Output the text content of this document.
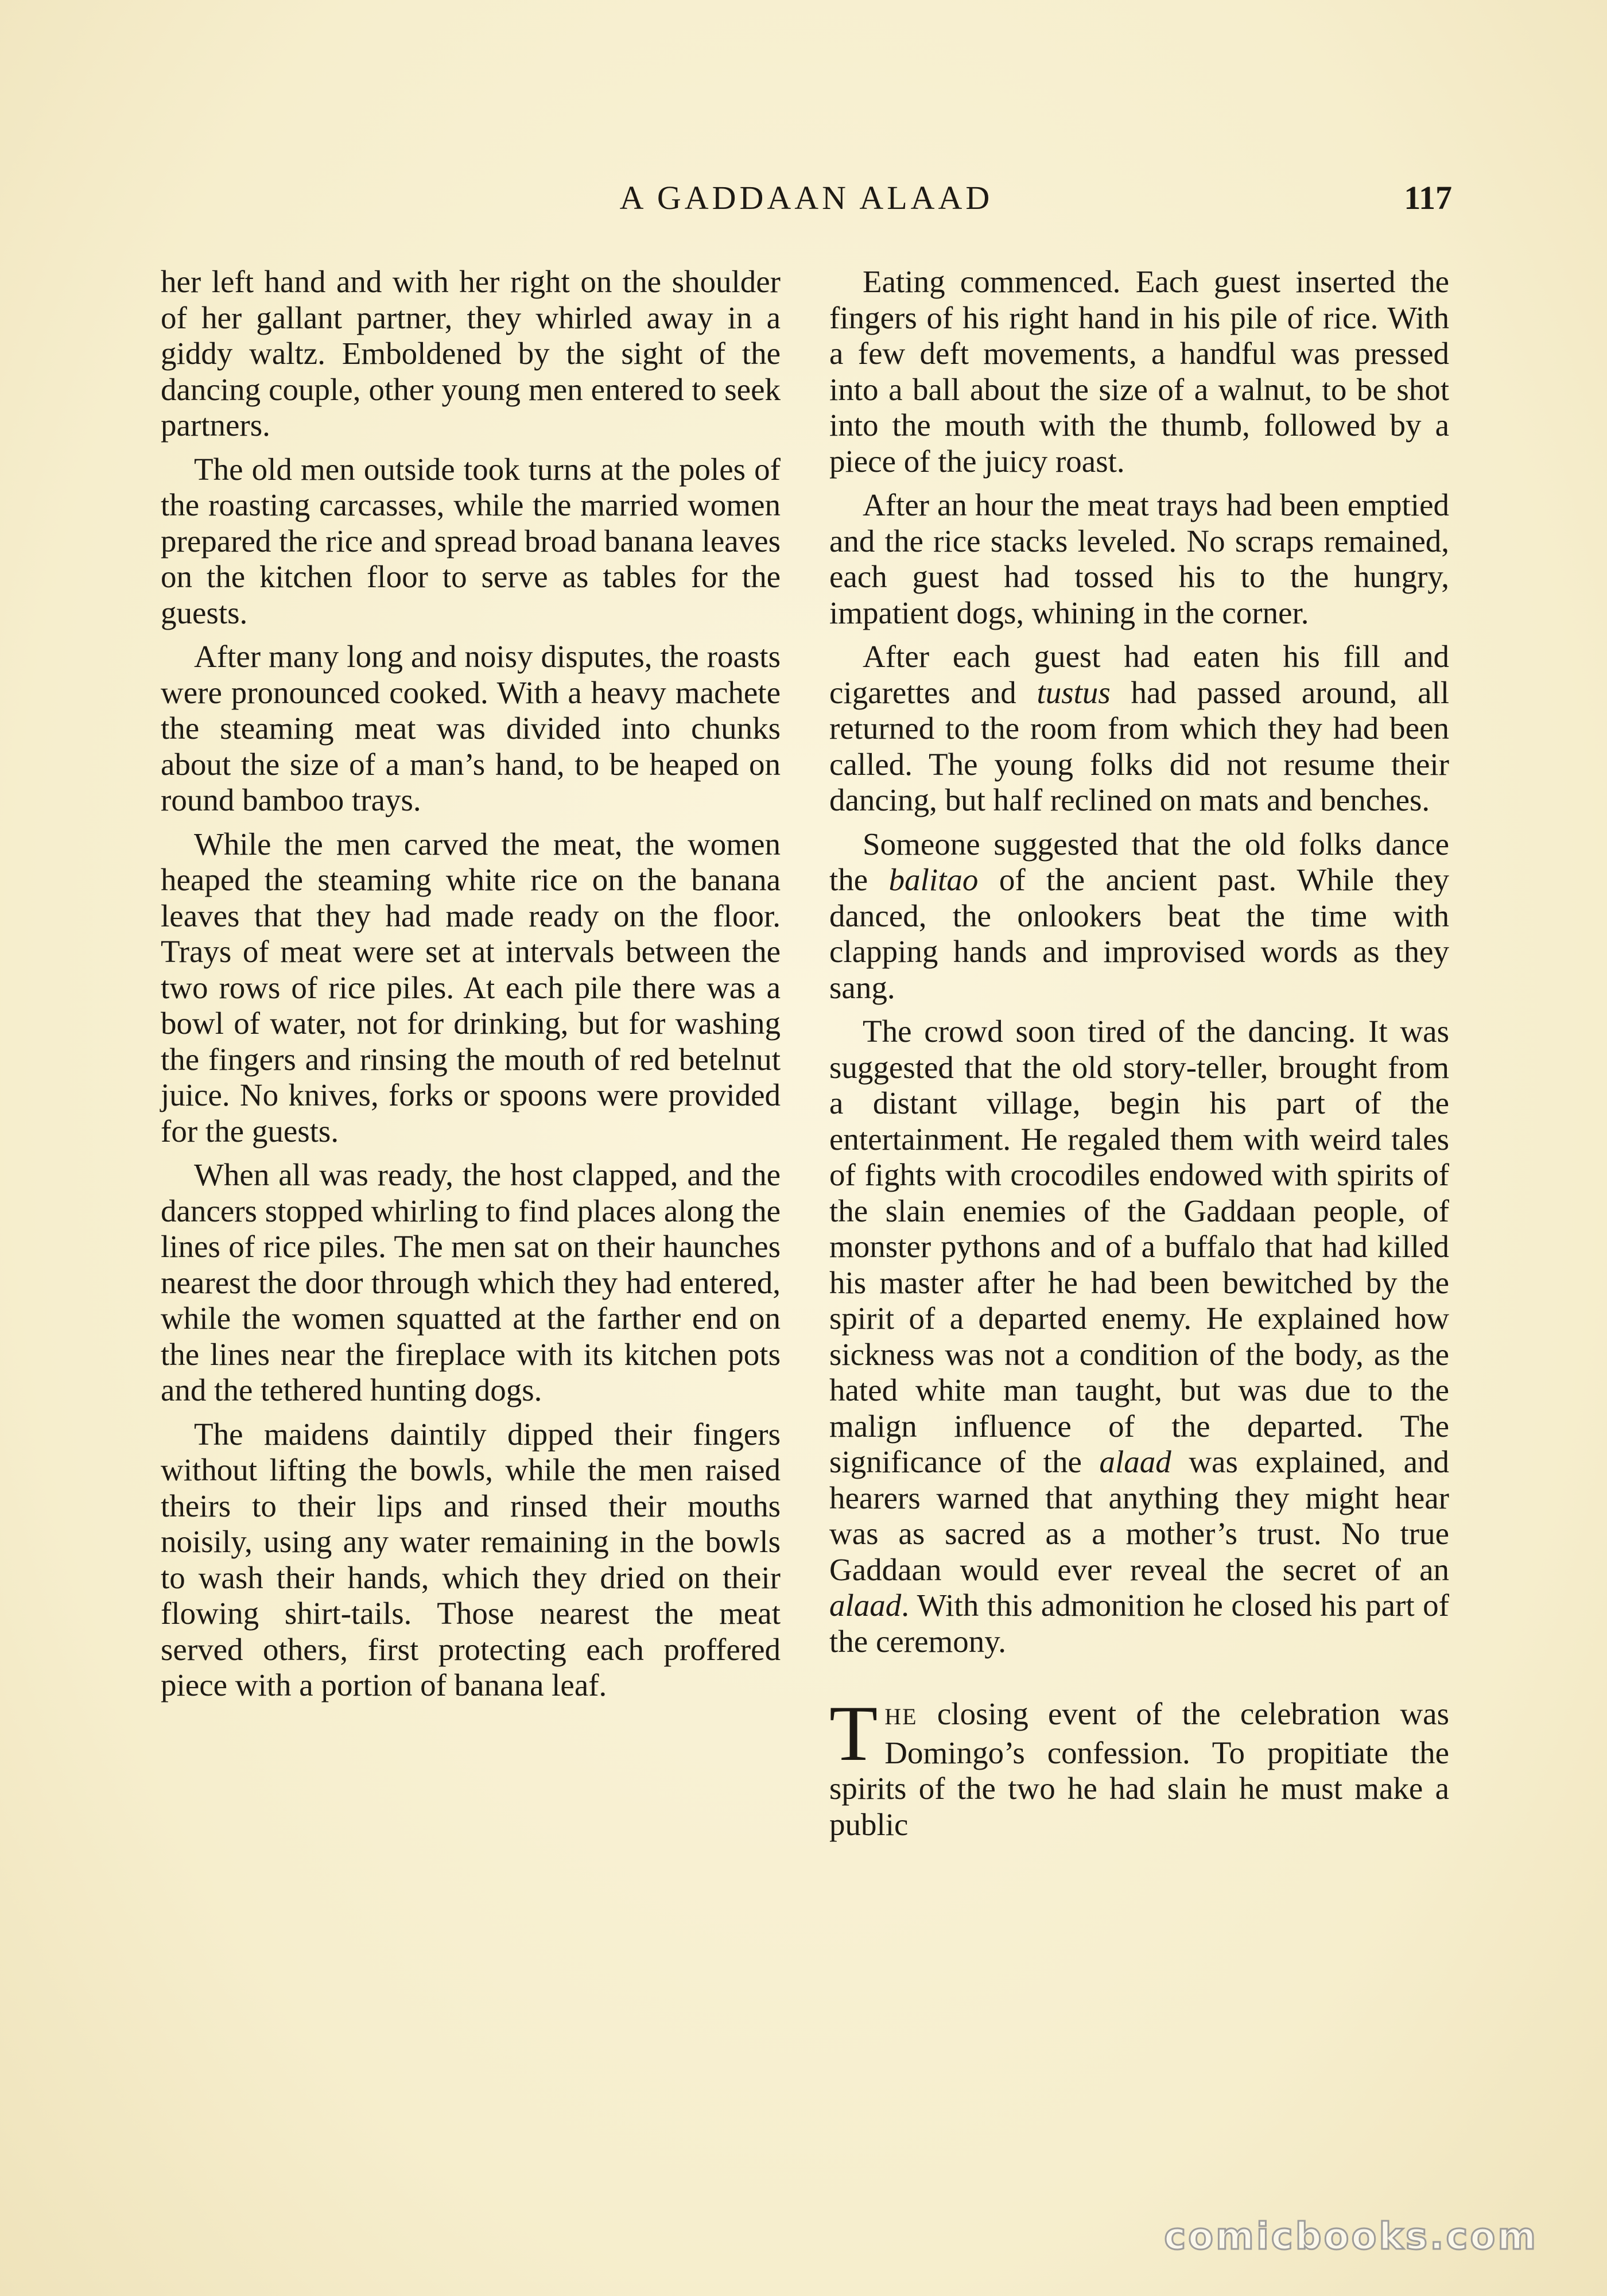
A GADDAAN ALAAD	117

her left hand and with her right on the shoulder of her gallant partner, they whirled away in a giddy waltz. Emboldened by the sight of the dancing couple, other young men entered to seek partners.

The old men outside took turns at the poles of the roasting carcasses, while the married women prepared the rice and spread broad banana leaves on the kitchen floor to serve as tables for the guests.

After many long and noisy disputes, the roasts were pronounced cooked. With a heavy machete the steaming meat was divided into chunks about the size of a man’s hand, to be heaped on round bamboo trays.

While the men carved the meat, the women heaped the steaming white rice on the banana leaves that they had made ready on the floor. Trays of meat were set at intervals between the two rows of rice piles. At each pile there was a bowl of water, not for drinking, but for washing the fingers and rinsing the mouth of red betelnut juice. No knives, forks or spoons were provided for the guests.

When all was ready, the host clapped, and the dancers stopped whirling to find places along the lines of rice piles. The men sat on their haunches nearest the door through which they had entered, while the women squatted at the farther end on the lines near the fireplace with its kitchen pots and the tethered hunting dogs.

The maidens daintily dipped their fingers without lifting the bowls, while the men raised theirs to their lips and rinsed their mouths noisily, using any water remaining in the bowls to wash their hands, which they dried on their flowing shirt-tails. Those nearest the meat served others, first protecting each proffered piece with a portion of banana leaf.

Eating commenced. Each guest inserted the fingers of his right hand in his pile of rice. With a few deft movements, a handful was pressed into a ball about the size of a walnut, to be shot into the mouth with the thumb, followed by a piece of the juicy roast.

After an hour the meat trays had been emptied and the rice stacks leveled. No scraps remained, each guest had tossed his to the hungry, impatient dogs, whining in the corner.

After each guest had eaten his fill and cigarettes and tustus had passed around, all returned to the room from which they had been called. The young folks did not resume their dancing, but half reclined on mats and benches.

Someone suggested that the old folks dance the balitao of the ancient past. While they danced, the onlookers beat the time with clapping hands and improvised words as they sang.

The crowd soon tired of the dancing. It was suggested that the old story-teller, brought from a distant village, begin his part of the entertainment. He regaled them with weird tales of fights with crocodiles endowed with spirits of the slain enemies of the Gaddaan people, of monster pythons and of a buffalo that had killed his master after he had been bewitched by the spirit of a departed enemy. He explained how sickness was not a condition of the body, as the hated white man taught, but was due to the malign influence of the departed. The significance of the alaad was explained, and hearers warned that anything they might hear was as sacred as a mother’s trust. No true Gaddaan would ever reveal the secret of an alaad. With this admonition he closed his part of the ceremony.

THE closing event of the celebration was Domingo’s confession. To propitiate the spirits of the two he had slain he must make a public

comicbooks.com
